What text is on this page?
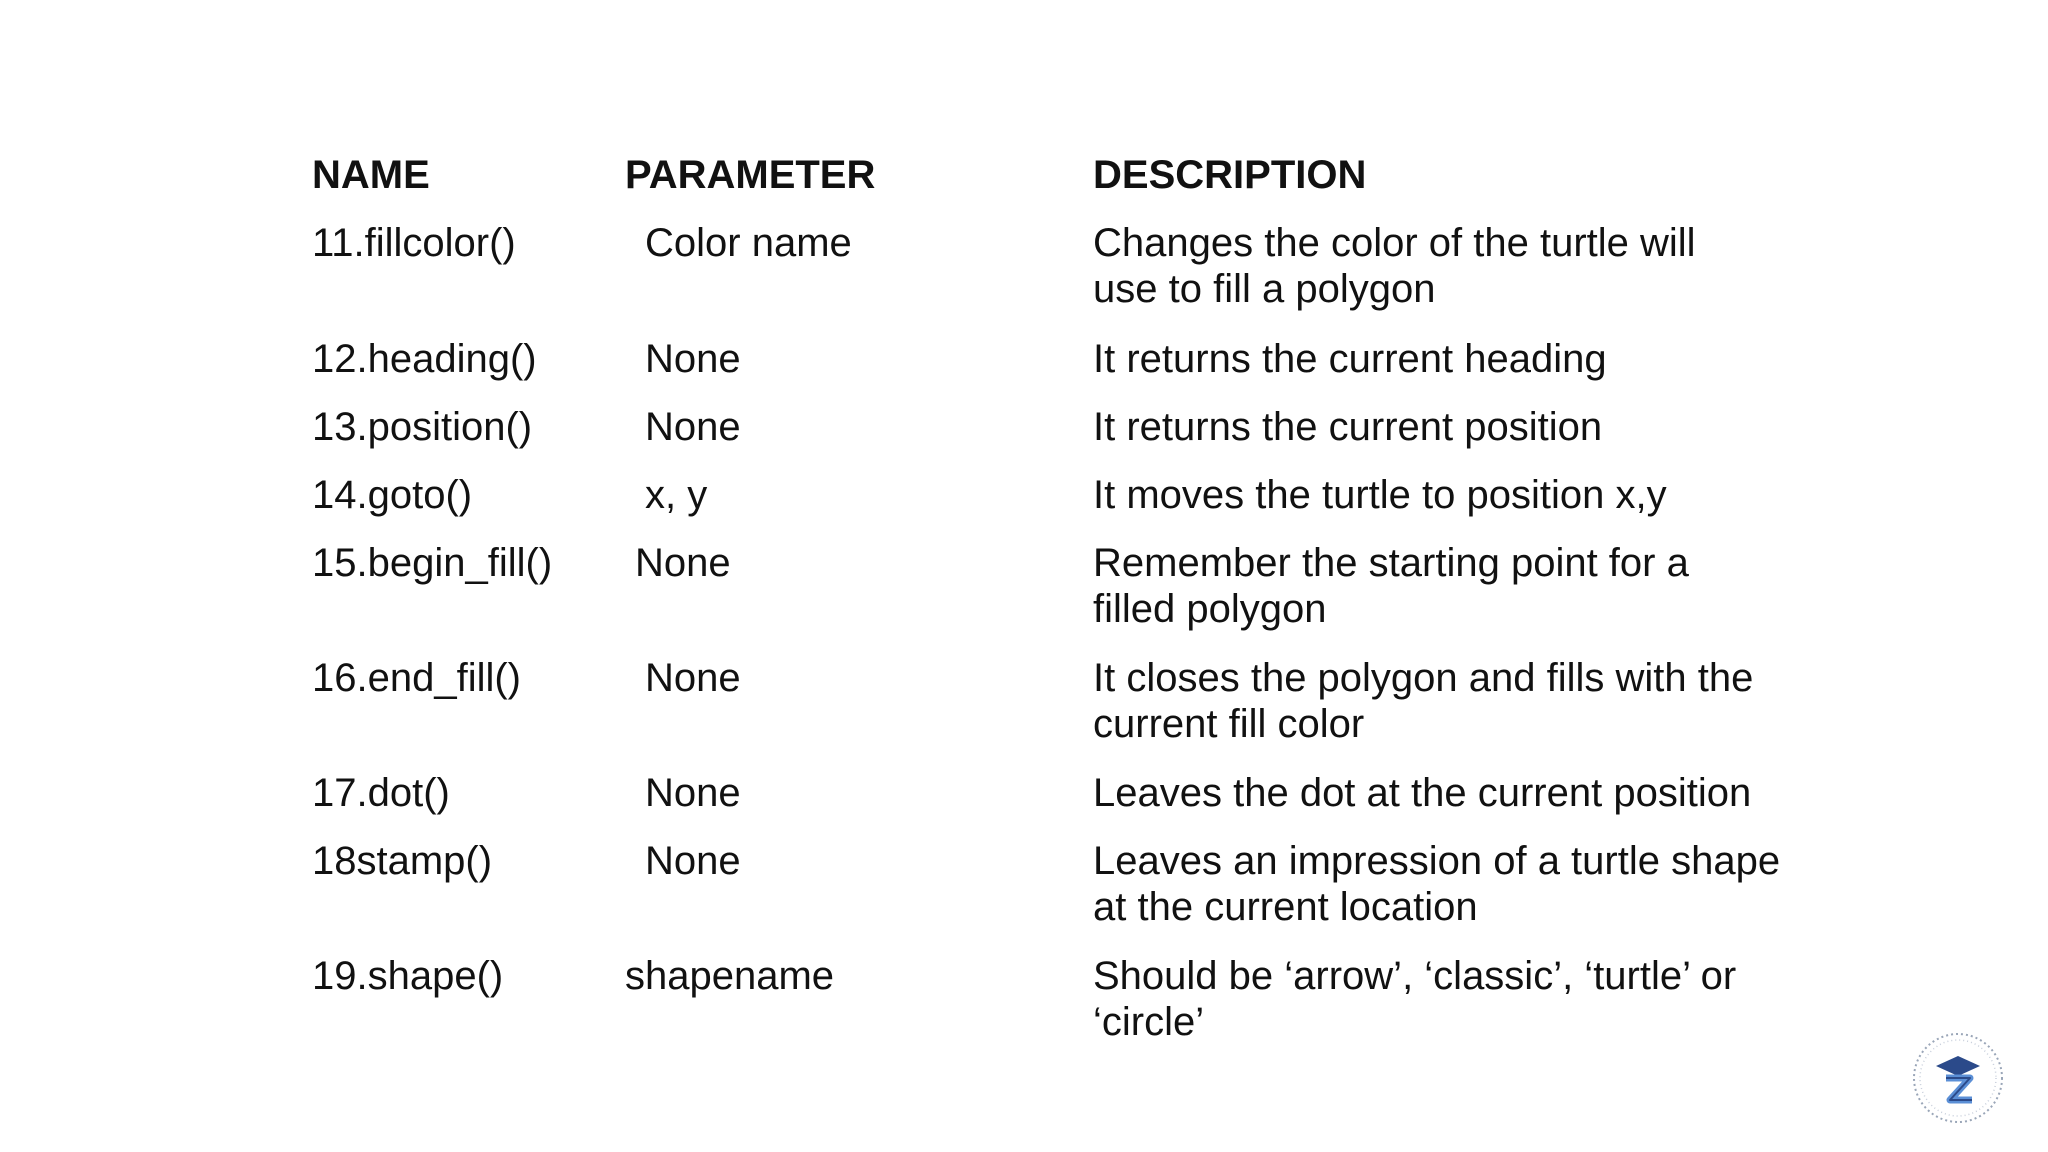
NAME	PARAMETER	DESCRIPTION
11.fillcolor()	Color name	Changes the color of the turtle will
use to fill a polygon
12.heading()	None	It returns the current heading
13.position()	None	It returns the current position
14.goto()	x, y	It moves the turtle to position x,y
15.begin_fill()	None	Remember the starting point for a
filled polygon
16.end_fill()	None	It closes the polygon and fills with the
current fill color
17.dot()	None	Leaves the dot at the current position
18stamp()	None	Leaves an impression of a turtle shape
at the current location
19.shape()	shapename	Should be ‘arrow’, ‘classic’, ‘turtle’ or
‘circle’
